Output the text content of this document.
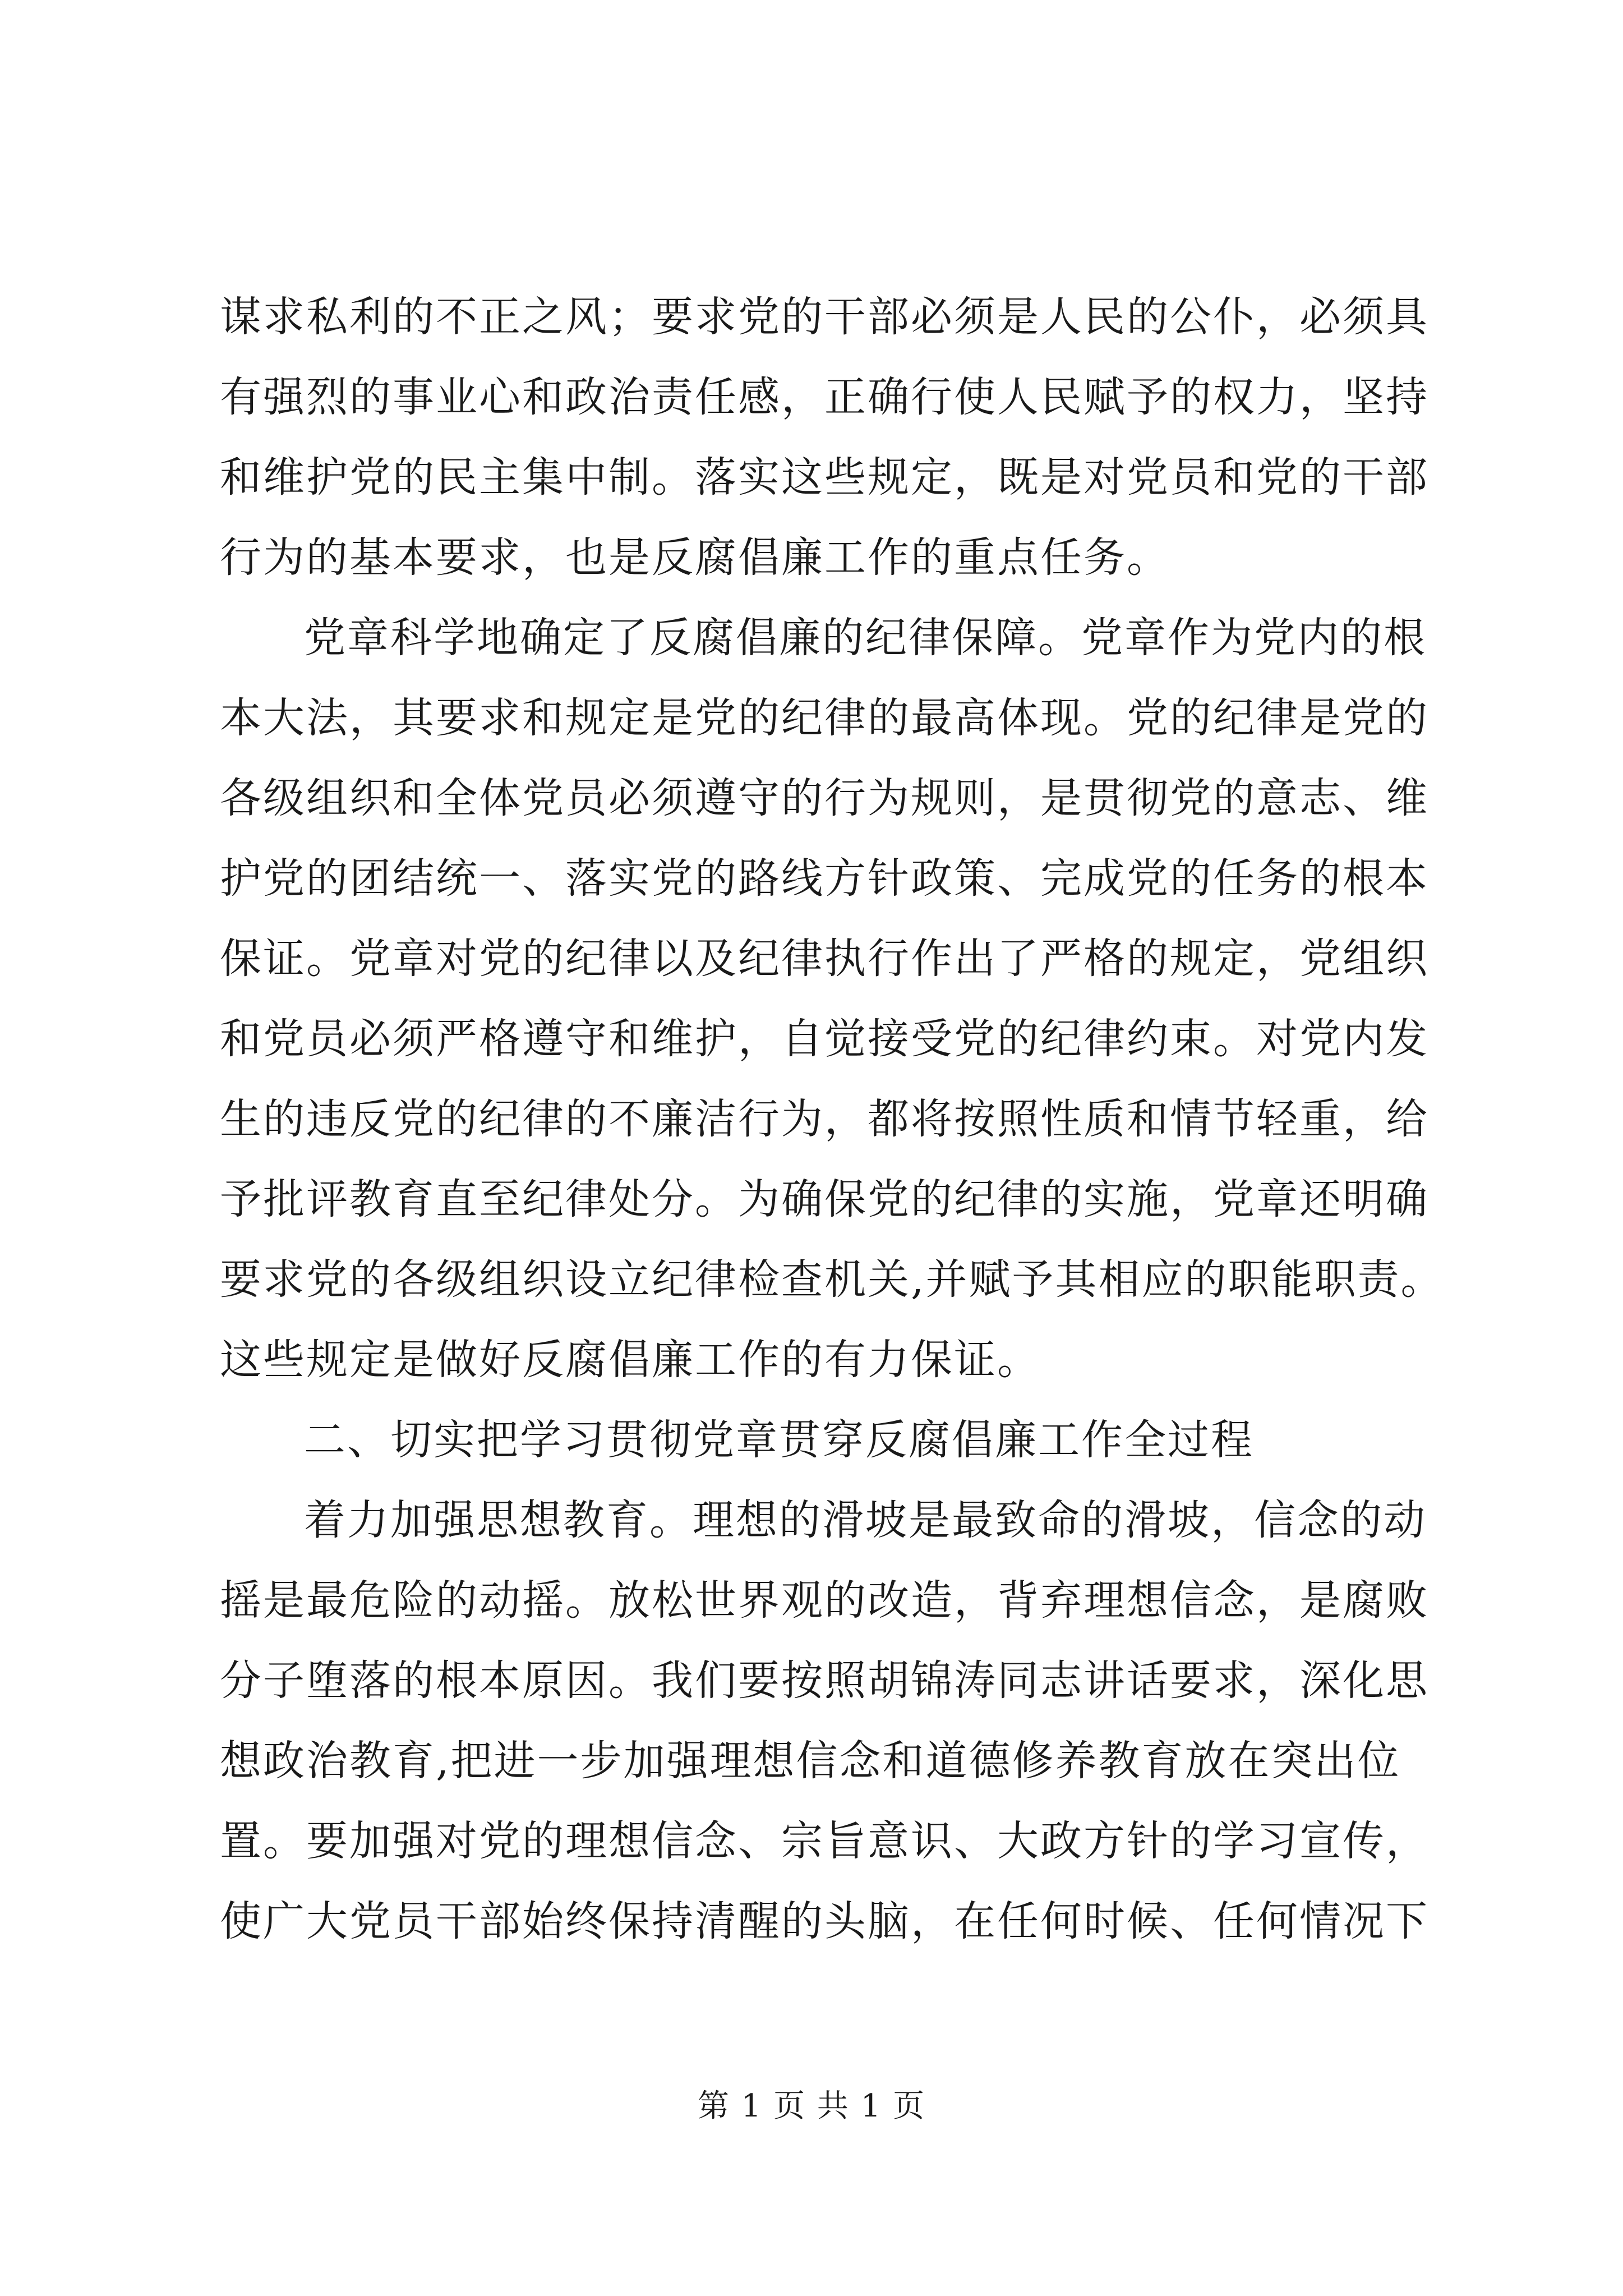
谋求私利的不正之风；要求党的干部必须是人民的公仆，必须具
有强烈的事业心和政治责任感，正确行使人民赋予的权力，坚持
和维护党的民主集中制。落实这些规定，既是对党员和党的干部
行为的基本要求，也是反腐倡廉工作的重点任务。
党章科学地确定了反腐倡廉的纪律保障。党章作为党内的根
本大法，其要求和规定是党的纪律的最高体现。党的纪律是党的
各级组织和全体党员必须遵守的行为规则，是贯彻党的意志、维
护党的团结统一、落实党的路线方针政策、完成党的任务的根本
保证。党章对党的纪律以及纪律执行作出了严格的规定，党组织
和党员必须严格遵守和维护，自觉接受党的纪律约束。对党内发
生的违反党的纪律的不廉洁行为，都将按照性质和情节轻重，给
予批评教育直至纪律处分。为确保党的纪律的实施，党章还明确
要求党的各级组织设立纪律检查机关,并赋予其相应的职能职责。
这些规定是做好反腐倡廉工作的有力保证。
二、切实把学习贯彻党章贯穿反腐倡廉工作全过程
着力加强思想教育。理想的滑坡是最致命的滑坡，信念的动
摇是最危险的动摇。放松世界观的改造，背弃理想信念，是腐败
分子堕落的根本原因。我们要按照胡锦涛同志讲话要求，深化思
想政治教育,把进一步加强理想信念和道德修养教育放在突出位
置。要加强对党的理想信念、宗旨意识、大政方针的学习宣传，
使广大党员干部始终保持清醒的头脑，在任何时候、任何情况下
第 1 页 共 1 页
